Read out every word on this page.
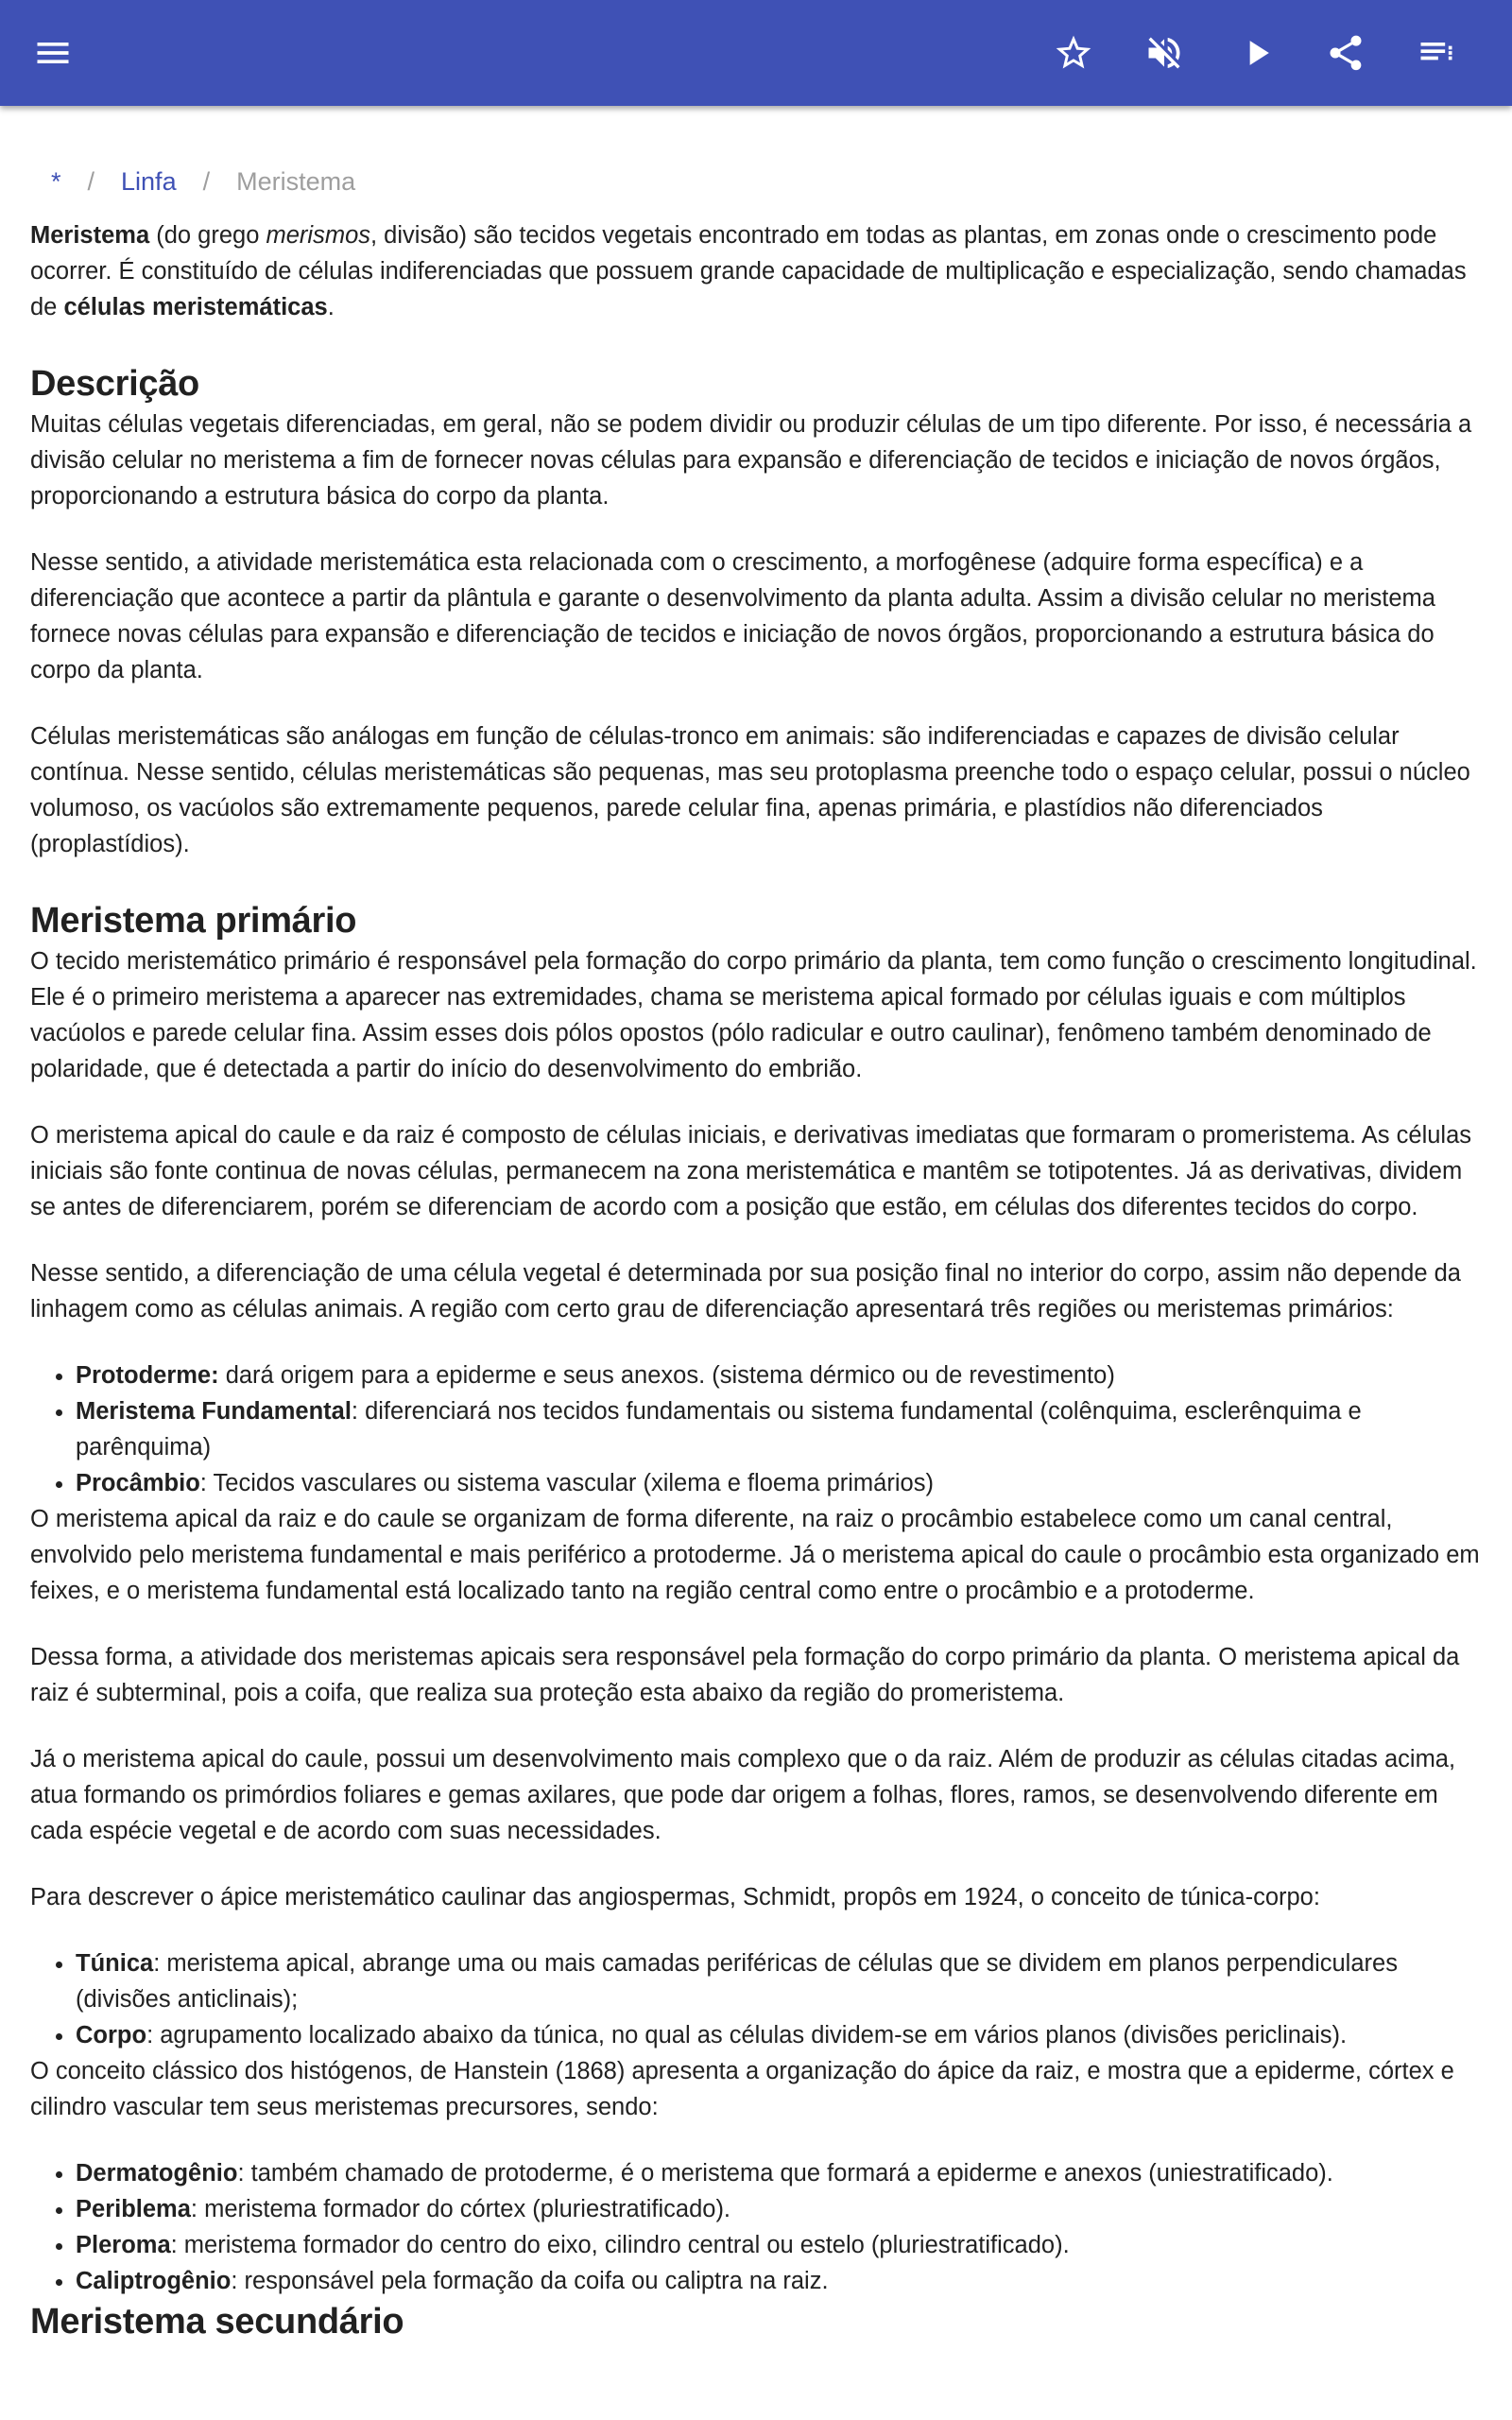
* / Linfa / Meristema

Meristema (do grego merismos, divisão) são tecidos vegetais encontrado em todas as plantas, em zonas onde o crescimento pode ocorrer. É constituído de células indiferenciadas que possuem grande capacidade de multiplicação e especialização, sendo chamadas de células meristemáticas.

Descrição

Muitas células vegetais diferenciadas, em geral, não se podem dividir ou produzir células de um tipo diferente. Por isso, é necessária a divisão celular no meristema a fim de fornecer novas células para expansão e diferenciação de tecidos e iniciação de novos órgãos, proporcionando a estrutura básica do corpo da planta.

Nesse sentido, a atividade meristemática esta relacionada com o crescimento, a morfogênese (adquire forma específica) e a diferenciação que acontece a partir da plântula e garante o desenvolvimento da planta adulta. Assim a divisão celular no meristema fornece novas células para expansão e diferenciação de tecidos e iniciação de novos órgãos, proporcionando a estrutura básica do corpo da planta.

Células meristemáticas são análogas em função de células-tronco em animais: são indiferenciadas e capazes de divisão celular contínua. Nesse sentido, células meristemáticas são pequenas, mas seu protoplasma preenche todo o espaço celular, possui o núcleo volumoso, os vacúolos são extremamente pequenos, parede celular fina, apenas primária, e plastídios não diferenciados (proplastídios).

Meristema primário

O tecido meristemático primário é responsável pela formação do corpo primário da planta, tem como função o crescimento longitudinal. Ele é o primeiro meristema a aparecer nas extremidades, chama se meristema apical formado por células iguais e com múltiplos vacúolos e parede celular fina. Assim esses dois pólos opostos (pólo radicular e outro caulinar), fenômeno também denominado de polaridade, que é detectada a partir do início do desenvolvimento do embrião.

O meristema apical do caule e da raiz é composto de células iniciais, e derivativas imediatas que formaram o promeristema. As células iniciais são fonte continua de novas células, permanecem na zona meristemática e mantêm se totipotentes. Já as derivativas, dividem se antes de diferenciarem, porém se diferenciam de acordo com a posição que estão, em células dos diferentes tecidos do corpo.

Nesse sentido, a diferenciação de uma célula vegetal é determinada por sua posição final no interior do corpo, assim não depende da linhagem como as células animais. A região com certo grau de diferenciação apresentará três regiões ou meristemas primários:

• Protoderme: dará origem para a epiderme e seus anexos. (sistema dérmico ou de revestimento)
• Meristema Fundamental: diferenciará nos tecidos fundamentais ou sistema fundamental (colênquima, esclerênquima e parênquima)
• Procâmbio: Tecidos vasculares ou sistema vascular (xilema e floema primários)

O meristema apical da raiz e do caule se organizam de forma diferente, na raiz o procâmbio estabelece como um canal central, envolvido pelo meristema fundamental e mais periférico a protoderme. Já o meristema apical do caule o procâmbio esta organizado em feixes, e o meristema fundamental está localizado tanto na região central como entre o procâmbio e a protoderme.

Dessa forma, a atividade dos meristemas apicais sera responsável pela formação do corpo primário da planta. O meristema apical da raiz é subterminal, pois a coifa, que realiza sua proteção esta abaixo da região do promeristema.

Já o meristema apical do caule, possui um desenvolvimento mais complexo que o da raiz. Além de produzir as células citadas acima, atua formando os primórdios foliares e gemas axilares, que pode dar origem a folhas, flores, ramos, se desenvolvendo diferente em cada espécie vegetal e de acordo com suas necessidades.

Para descrever o ápice meristemático caulinar das angiospermas, Schmidt, propôs em 1924, o conceito de túnica-corpo:

• Túnica: meristema apical, abrange uma ou mais camadas periféricas de células que se dividem em planos perpendiculares (divisões anticlinais);
• Corpo: agrupamento localizado abaixo da túnica, no qual as células dividem-se em vários planos (divisões periclinais).

O conceito clássico dos histógenos, de Hanstein (1868) apresenta a organização do ápice da raiz, e mostra que a epiderme, córtex e cilindro vascular tem seus meristemas precursores, sendo:

• Dermatogênio: também chamado de protoderme, é o meristema que formará a epiderme e anexos (uniestratificado).
• Periblema: meristema formador do córtex (pluriestratificado).
• Pleroma: meristema formador do centro do eixo, cilindro central ou estelo (pluriestratificado).
• Caliptrogênio: responsável pela formação da coifa ou caliptra na raiz.
Meristema secundário
